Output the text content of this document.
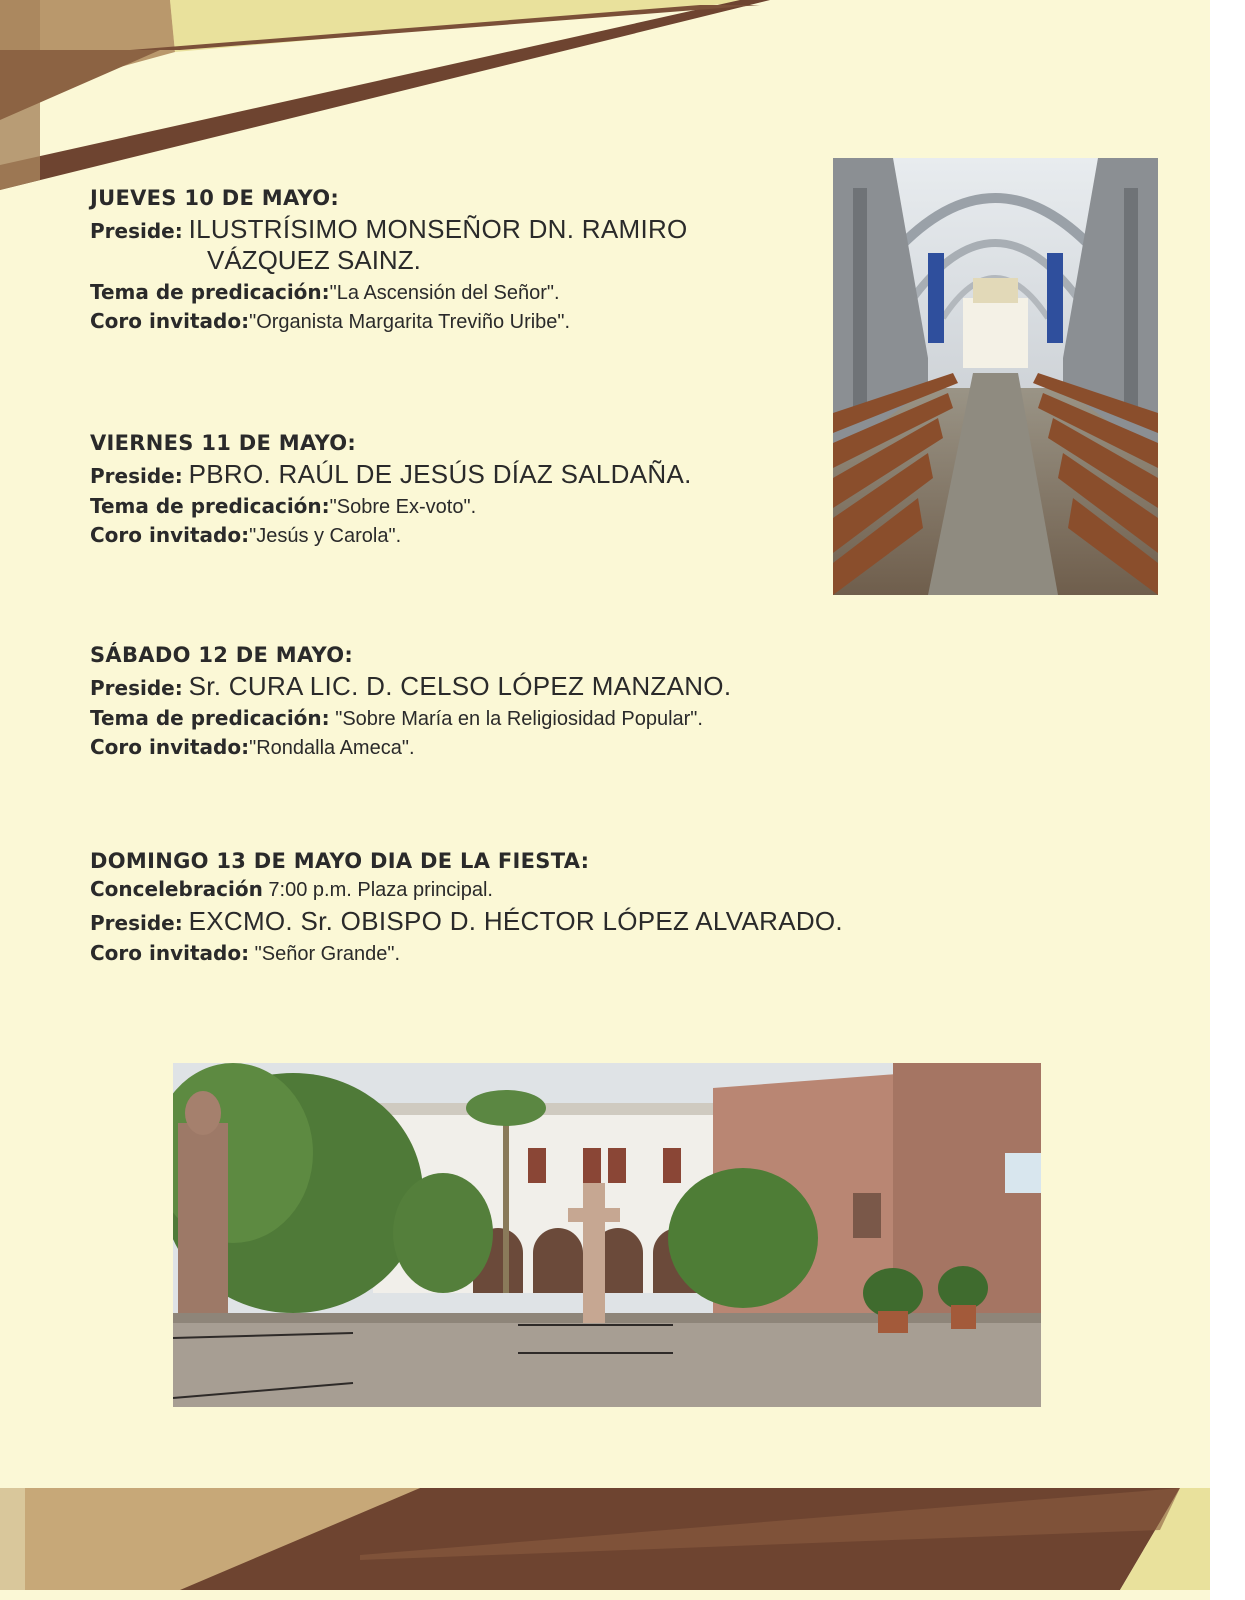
JUEVES 10 DE MAYO:
Preside: ILUSTRÍSIMO MONSEÑOR DN. RAMIRO
VÁZQUEZ SAINZ.
Tema de predicación:"La Ascensión del Señor".
Coro invitado:"Organista Margarita Treviño Uribe".
VIERNES 11 DE MAYO:
Preside: PBRO. RAÚL DE JESÚS DÍAZ SALDAÑA.
Tema de predicación:"Sobre Ex-voto".
Coro invitado:"Jesús y Carola".
SÁBADO 12 DE MAYO:
Preside: Sr. CURA LIC. D. CELSO LÓPEZ MANZANO.
Tema de predicación: "Sobre María en la Religiosidad Popular".
Coro invitado:"Rondalla Ameca".
DOMINGO 13 DE MAYO DIA DE LA FIESTA:
Concelebración 7:00 p.m. Plaza principal.
Preside: EXCMO. Sr. OBISPO D. HÉCTOR LÓPEZ ALVARADO.
Coro invitado: "Señor Grande".
